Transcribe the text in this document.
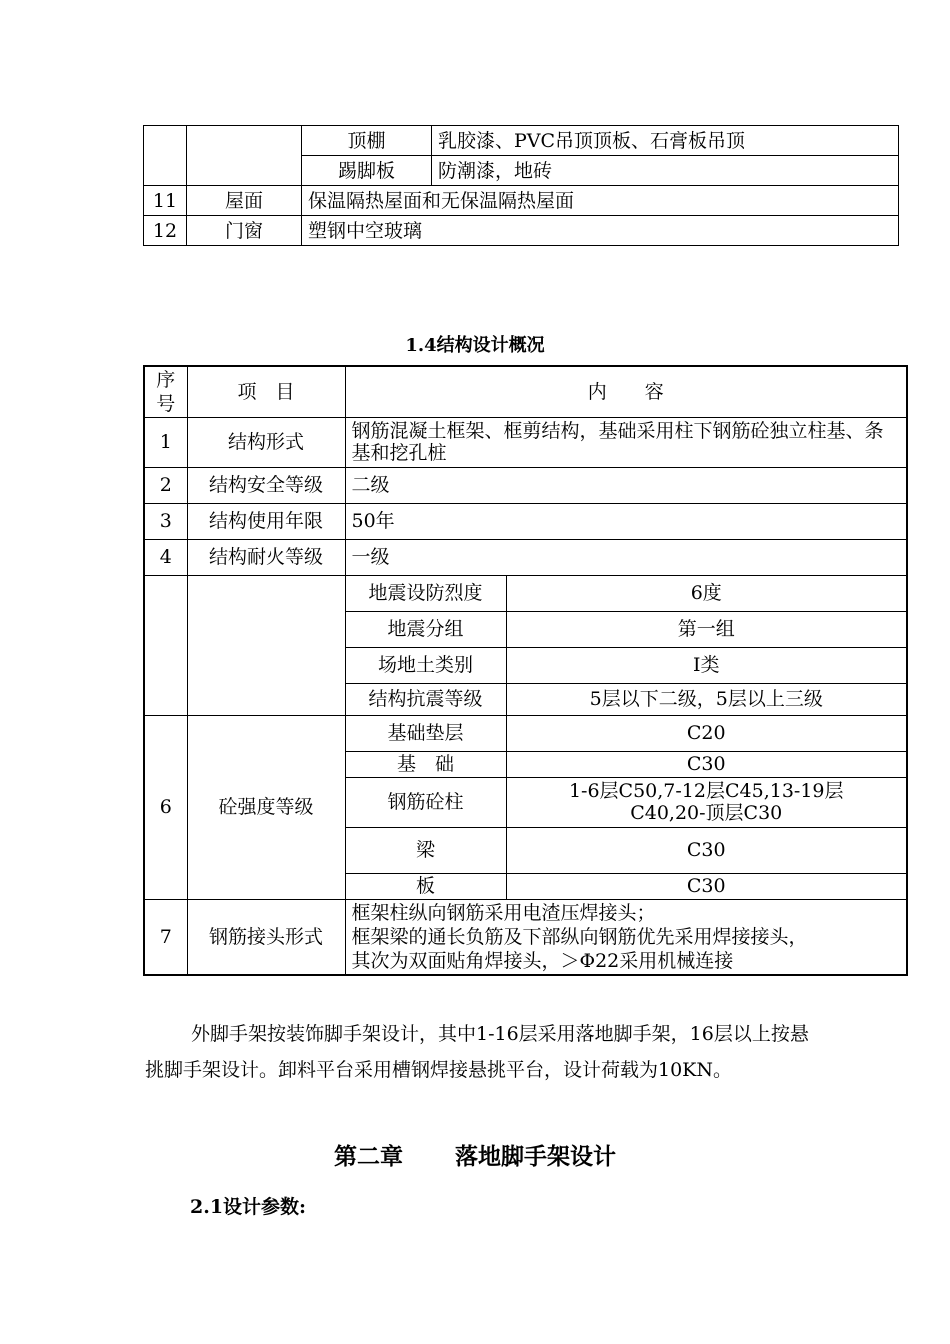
		顶棚	乳胶漆、PVC吊顶顶板、石膏板吊顶
		踢脚板	防潮漆，地砖
11	屋面	保温隔热屋面和无保温隔热屋面	
12	门窗	塑钢中空玻璃	
1.4结构设计概况
序号	项　目	内　　容	
1	结构形式	钢筋混凝土框架、框剪结构，基础采用柱下钢筋砼独立柱基、条基和挖孔桩	
2	结构安全等级	二级	
3	结构使用年限	50年	
4	结构耐火等级	一级	
		地震设防烈度	6度
		地震分组	第一组
		场地土类别	Ⅰ类
		结构抗震等级	5层以下二级，5层以上三级
6	砼强度等级	基础垫层	C20
		基　础	C30
		钢筋砼柱	1-6层C50,7-12层C45,13-19层C40,20-顶层C30
		梁	C30
		板	C30
7	钢筋接头形式	框架柱纵向钢筋采用电渣压焊接头；
框架梁的通长负筋及下部纵向钢筋优先采用焊接接头，
其次为双面贴角焊接头，＞Φ22采用机械连接	

外脚手架按装饰脚手架设计，其中1-16层采用落地脚手架，16层以上按悬挑脚手架设计。卸料平台采用槽钢焊接悬挑平台，设计荷载为10KN。

第二章 落地脚手架设计
2.1设计参数:
